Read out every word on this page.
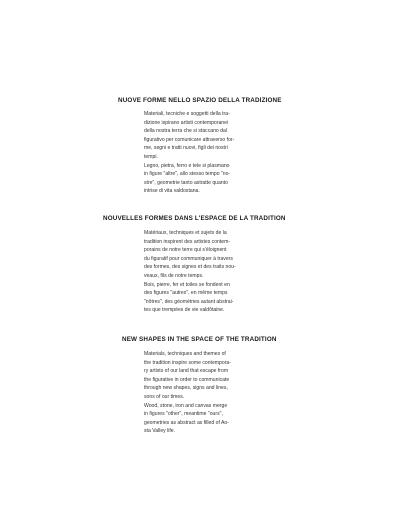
NUOVE FORME NELLO SPAZIO DELLA TRADIZIONE
Materiali, tecniche e soggetti della tra-
dizione ispirano artisti contemporanei
della nostra terra che si staccano dal
figurativo per comunicare attraverso for-
me, segni e tratti nuovi, figli dei nostri
tempi.
Legno, pietra, ferro e tele si plasmano
in figure "altre", allo stesso tempo "no-
stre", geometrie tanto astratte quanto
intrise di vita valdostana.
NOUVELLES FORMES DANS L'ESPACE DE LA TRADITION
Matériaux, techniques et sujets de la
tradition inspirent des artistes contem-
porains de notre terre qui s'éloignent
du figuratif pour communiquer à travers
des formes, des signes et des traits nou-
veaux, fils de notre temps.
Bois, pierre, fer et toiles se fondent en
des figures "autres", en même temps
"nôtres", des géométries autant abstrai-
tes que trempées de vie valdôtaine.
NEW SHAPES IN THE SPACE OF THE TRADITION
Materials, techniques and themes of
the tradition inspire some contempora-
ry artists of our land that escape from
the figurative in order to communicate
through new shapes, signs and lines,
sons of our times.
Wood, stone, iron and canvas merge
in figures "other", meantime "ours",
geometries as abstract as filled of Ao-
sta Valley life.
